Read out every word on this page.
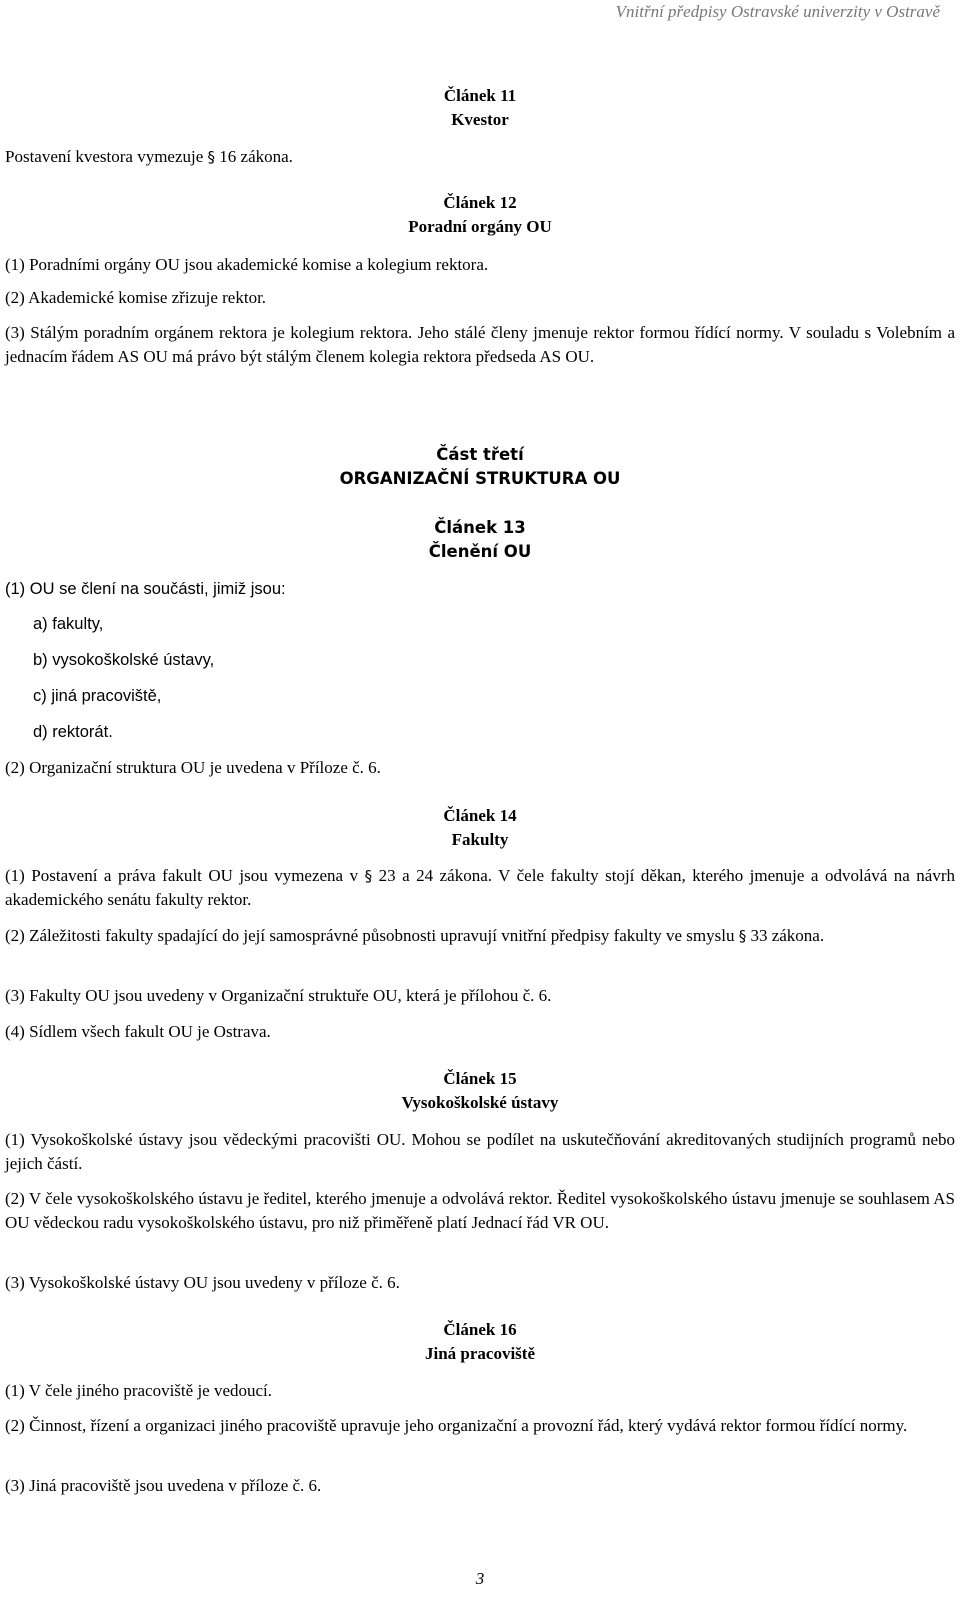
Vnitřní předpisy Ostravské univerzity v Ostravě
Článek 11
Kvestor
Postavení kvestora vymezuje § 16 zákona.
Článek 12
Poradní orgány OU
(1) Poradními orgány OU jsou akademické komise a kolegium rektora.
(2) Akademické komise zřizuje rektor.
(3) Stálým poradním orgánem rektora je kolegium rektora. Jeho stálé členy jmenuje rektor formou řídící normy. V souladu s Volebním a jednacím řádem AS OU má právo být stálým členem kolegia rektora předseda AS OU.
Část třetí
ORGANIZAČNÍ STRUKTURA OU
Článek 13
Členění OU
(1) OU se člení na součásti, jimiž jsou:
a) fakulty,
b) vysokoškolské ústavy,
c) jiná pracoviště,
d) rektorát.
(2) Organizační struktura OU je uvedena v Příloze č. 6.
Článek 14
Fakulty
(1) Postavení a práva fakult OU jsou vymezena v § 23 a 24 zákona. V čele fakulty stojí děkan, kterého jmenuje a odvolává na návrh akademického senátu fakulty rektor.
(2) Záležitosti fakulty spadající do její samosprávné působnosti upravují vnitřní předpisy fakulty ve smyslu § 33 zákona.
(3) Fakulty OU jsou uvedeny v Organizační struktuře OU, která je přílohou č. 6.
(4) Sídlem všech fakult OU je Ostrava.
Článek 15
Vysokoškolské ústavy
(1) Vysokoškolské ústavy jsou vědeckými pracovišti OU. Mohou se podílet na uskutečňování akreditovaných studijních programů nebo jejich částí.
(2) V čele vysokoškolského ústavu je ředitel, kterého jmenuje a odvolává rektor. Ředitel vysokoškolského ústavu jmenuje se souhlasem AS OU vědeckou radu vysokoškolského ústavu, pro niž přiměřeně platí Jednací řád VR OU.
(3) Vysokoškolské ústavy OU jsou uvedeny v příloze č. 6.
Článek 16
Jiná pracoviště
(1) V čele jiného pracoviště je vedoucí.
(2) Činnost, řízení a organizaci jiného pracoviště upravuje jeho organizační a provozní řád, který vydává rektor formou řídící normy.
(3) Jiná pracoviště jsou uvedena v příloze č. 6.
3
